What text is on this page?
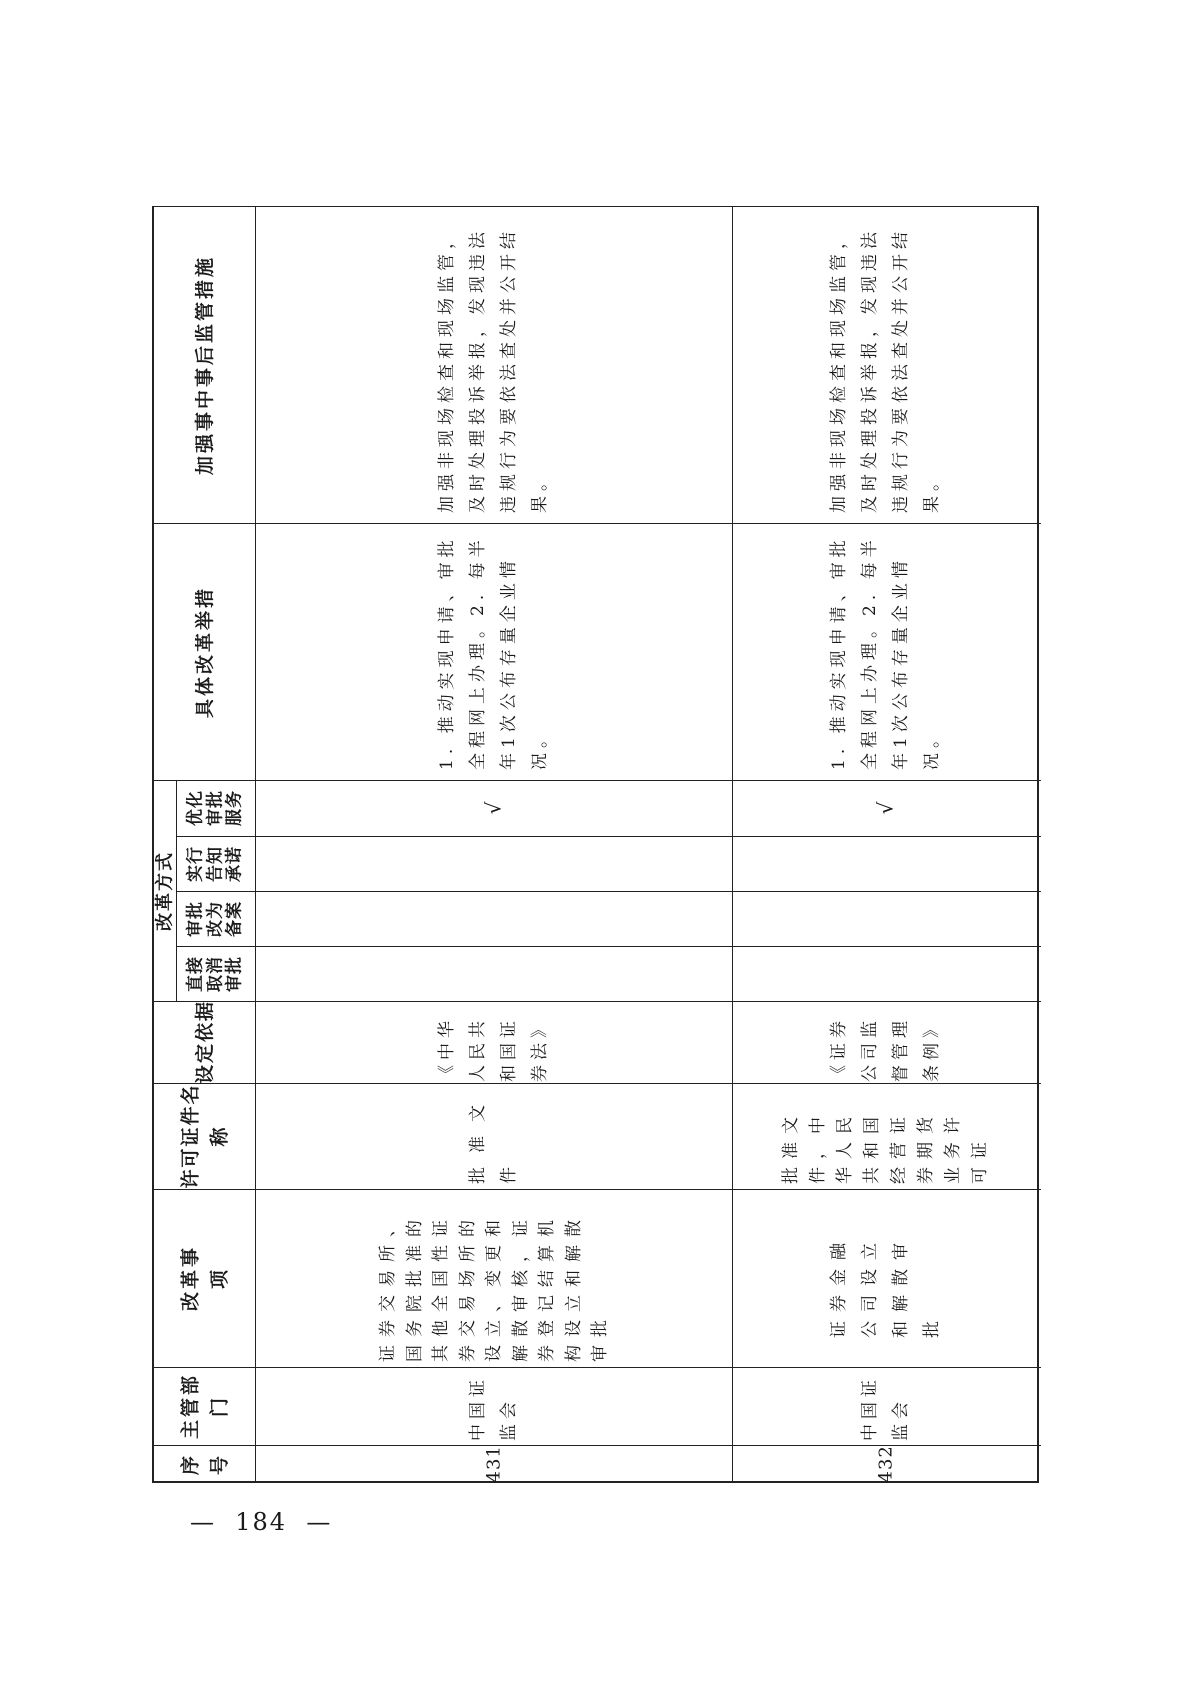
序号
主管部门
改革事项
许可证件名称
设定依据
改革方式
直接取消审批
审批改为备案
实行告知承诺
优化审批服务
具体改革举措
加强事中事后监管措施
431
中国证监会
证券交易所、国务院批准的其他全国性证券交易场所的设立、变更和解散审核，证券登记结算机构设立和解散审批
批准文件
《中华人民共和国证券法》
√
1. 推动实现申请、审批全程网上办理。2. 每半年1次公布存量企业情况。
加强非现场检查和现场监管，及时处理投诉举报，发现违法违规行为要依法查处并公开结果。
432
中国证监会
证券金融公司设立和解散审批
批准文件，中华人民共和国经营证券期货业务许可证
《证券公司监督管理条例》
√
1. 推动实现申请、审批全程网上办理。2. 每半年1次公布存量企业情况。
加强非现场检查和现场监管，及时处理投诉举报，发现违法违规行为要依法查处并公开结果。
—  184  —
